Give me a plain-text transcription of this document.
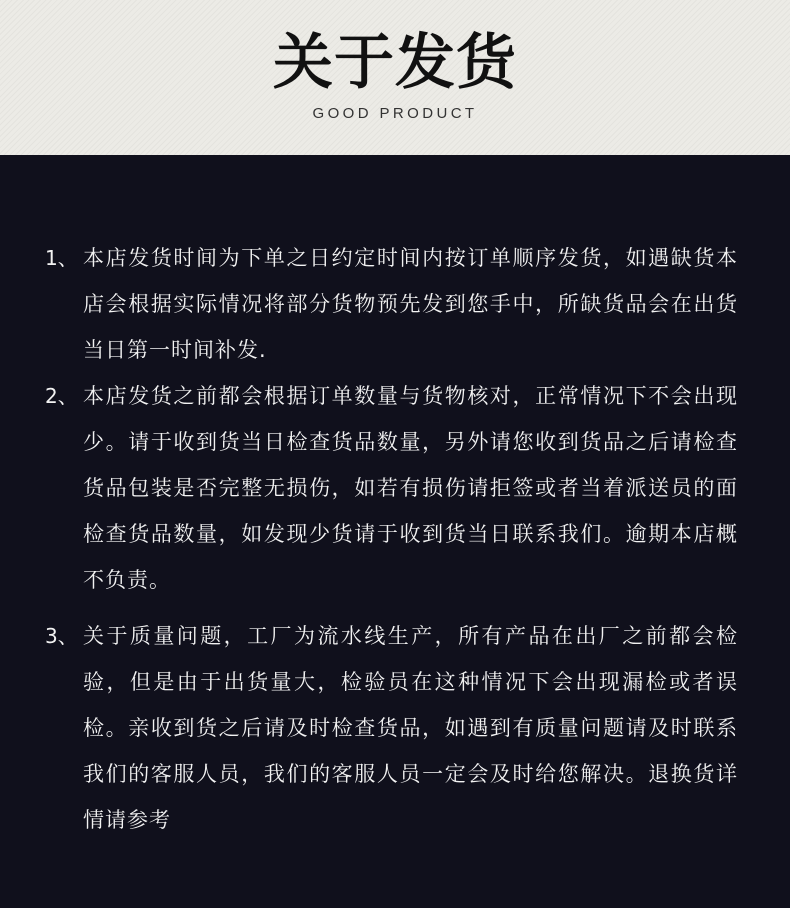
关于发货
GOOD PRODUCT
1、 本店发货时间为下单之日约定时间内按订单顺序发货，如遇缺货本店会根据实际情况将部分货物预先发到您手中，所缺货品会在出货当日第一时间补发.
2、 本店发货之前都会根据订单数量与货物核对，正常情况下不会出现少。请于收到货当日检查货品数量，另外请您收到货品之后请检查货品包装是否完整无损伤，如若有损伤请拒签或者当着派送员的面检查货品数量，如发现少货请于收到货当日联系我们。逾期本店概不负责。
3、 关于质量问题，工厂为流水线生产，所有产品在出厂之前都会检验，但是由于出货量大，检验员在这种情况下会出现漏检或者误检。亲收到货之后请及时检查货品，如遇到有质量问题请及时联系我们的客服人员，我们的客服人员一定会及时给您解决。退换货详情请参考
